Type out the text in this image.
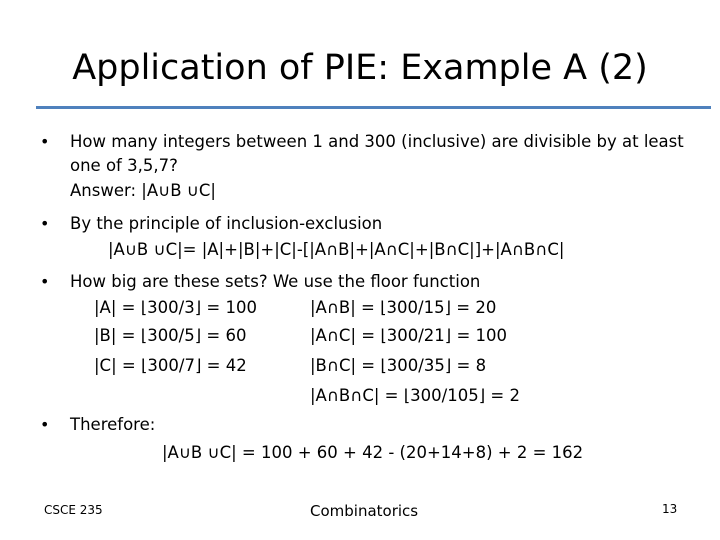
Application of PIE: Example A (2)
• How many integers between 1 and 300 (inclusive) are divisible by at least
one of 3,5,7?
Answer: |A∪B ∪C|
• By the principle of inclusion-exclusion
|A∪B ∪C|= |A|+|B|+|C|-[|A∩B|+|A∩C|+|B∩C|]+|A∩B∩C|
• How big are these sets? We use the floor function
|A| = ⌊300/3⌋ = 100
|B| = ⌊300/5⌋ = 60
|C| = ⌊300/7⌋ = 42
|A∩B| = ⌊300/15⌋ = 20
|A∩C| = ⌊300/21⌋ = 100
|B∩C| = ⌊300/35⌋ = 8
|A∩B∩C| = ⌊300/105⌋ = 2
• Therefore:
|A∪B ∪C| = 100 + 60 + 42 - (20+14+8) + 2 = 162
CSCE 235	Combinatorics	13
